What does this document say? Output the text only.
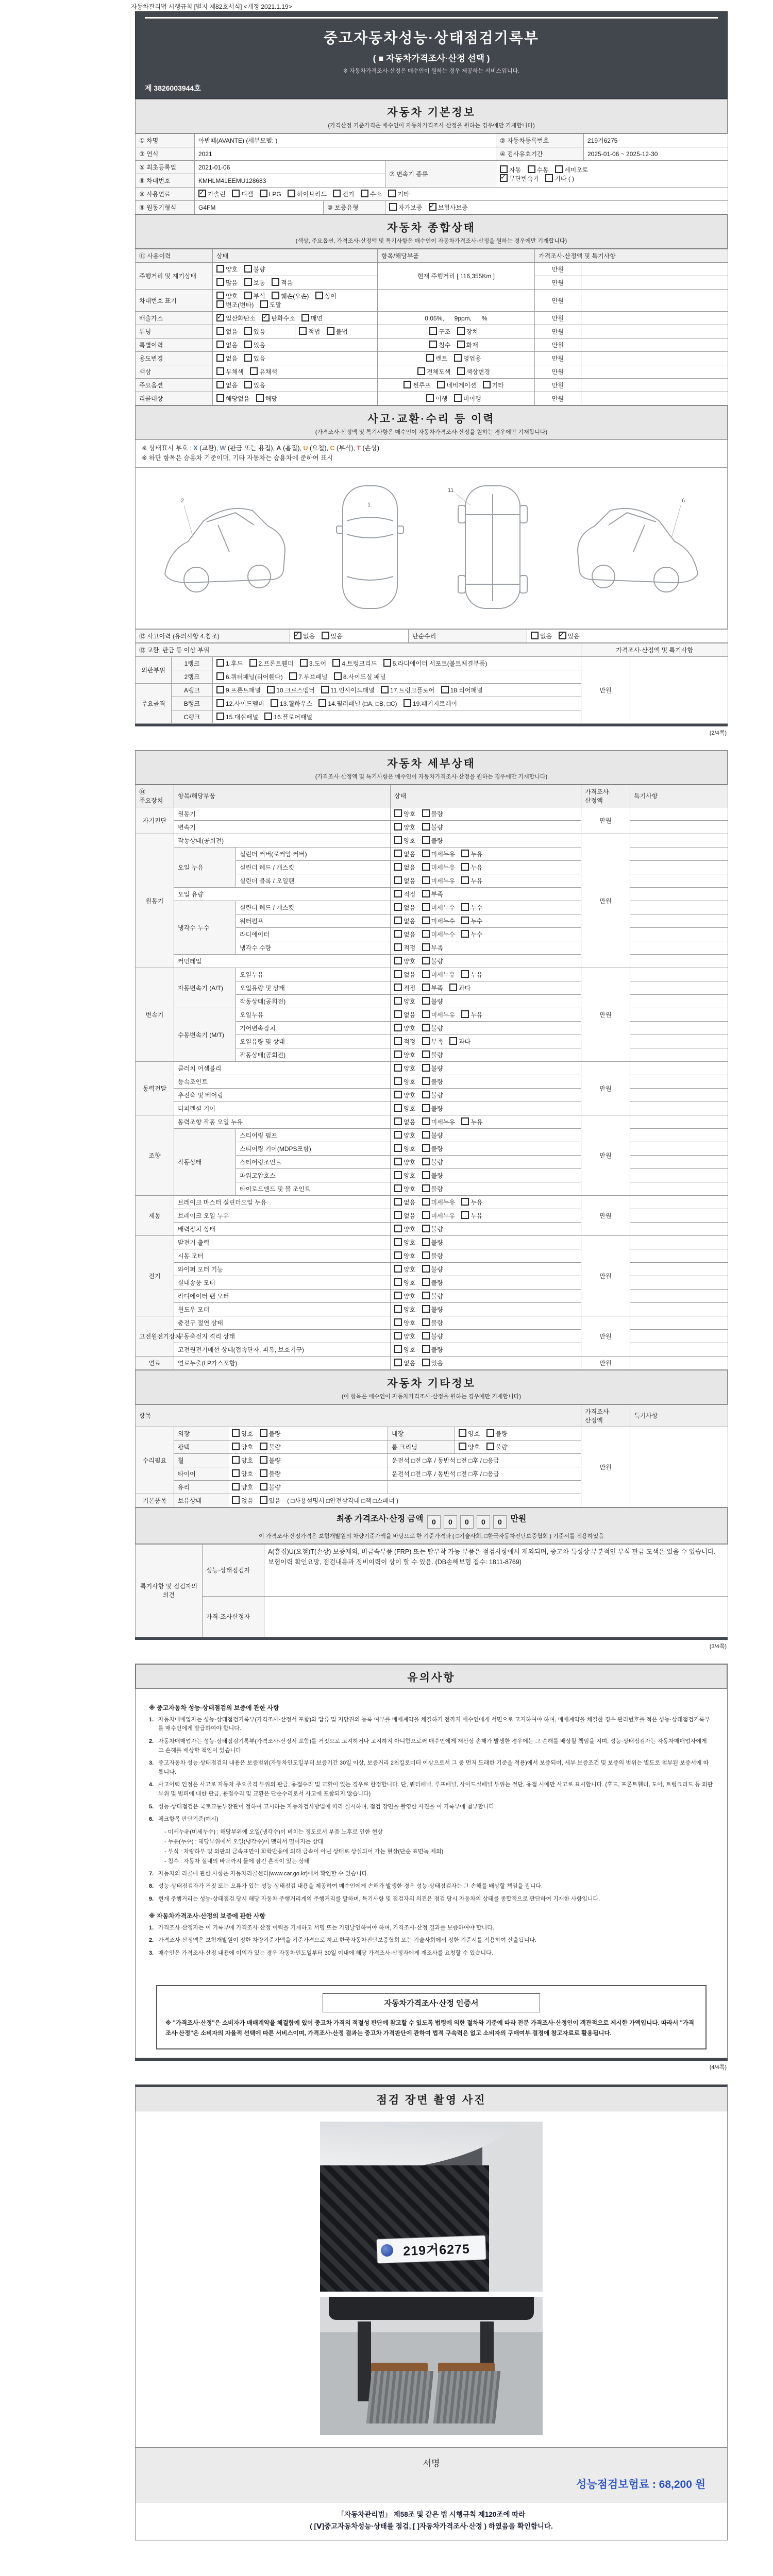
자동차관리법 시행규칙 [별지 제82호서식] <개정 2021.1.19>
중고자동차성능·상태점검기록부
( ■ 자동차가격조사·산정 선택 )
※ 자동차가격조사·산정은 매수인이 원하는 경우 제공하는 서비스입니다.
제 3826003944호
자동차 기본정보
(가격산정 기준가격은 매수인이 자동차가격조사·산정을 원하는 경우에만 기재합니다)
① 차명	아반떼(AVANTE) (세부모델: )			② 자동차등록번호	219거6275
③ 연식	2021			④ 검사유효기간	2025-01-06 ~ 2025-12-30
⑤ 최초등록일	2021-01-06		⑦ 변속기 종류	자동 수동 세미오토
✓무단변속기 기타 ( )
⑥ 차대번호	KMHLM41EEMU128683				
⑧ 사용연료	✓가솔린 디젤 LPG 하이브리드 전기 수소 기타
⑨ 원동기형식	G4FM	⑩ 보증유형	자가보증 ✓ 보험사보증
자동차 종합상태
(색상, 주요옵션, 가격조사·산정액 및 특기사항은 매수인이 자동차가격조사·산정을 원하는 경우에만 기재합니다)
⑪ 사용이력	상태		항목/해당부품	가격조사·산정액 및 특기사항	
주행거리 및 계기상태	양호 불량		현재 주행거리 [ 116,355Km ]	만원	
	많음 보통 적음			만원	
차대번호 표기	양호 부식 훼손(오손) 상이 변조(변타) 도말			만원	
배출가스	✓일산화탄소 ✓ 탄화수소 매연		0.05%,      9ppm,      %	만원	
튜닝	없음 있음	적법 불법	구조 장치	만원	
특별이력	없음 있음		침수 화재	만원	
용도변경	없음 있음		렌트 영업용	만원	
색상	무채색 유채색		전체도색 색상변경	만원	
주요옵션	없음 있음		썬루프 네비게이션 기타	만원	
리콜대상	해당없음 해당		이행 미이행	만원	
사고·교환·수리 등 이력
(가격조사·산정액 및 특기사항은 매수인이 자동차가격조사·산정을 원하는 경우에만 기재합니다)
※ 상태표시 부호 : X (교환), W (판금 또는 용접), A (흠집), U (요철), C (부식), T (손상)
※ 하단 항목은 승용차 기준이며, 기타 자동차는 승용차에 준하여 표시
2
1
11
6
⑫ 사고이력 (유의사항 4.참조)	✓없음	있음	단순수리	없음 ✓	있음
⑬ 교환, 판금 등 이상 부위			가격조사·산정액 및 특기사항	
외판부위	1랭크	1.후드 2.프론트휀더 3.도어 4.트렁크리드 5.라디에이터 서포트(볼트체결부품)	만원	
	2랭크	6.쿼터패널(리어휀다) 7.루브패널 8.사이드실 패널		
주요골격	A랭크	9.프론트패널 10.크로스멤버 11.인사이드패널 17.트렁크플로어 18.리어패널		
	B랭크	12.사이드멤버 13.휠하우스 14.필러패널 (□A, □B, □C) 19.패키지트레이		
	C랭크	15.대쉬패널 16.플로어패널		
(2/4쪽)
자동차 세부상태
(가격조사·산정액 및 특기사항은 매수인이 자동차가격조사·산정을 원하는 경우에만 기재합니다)
⑭ 주요장치	항목/해당부품		상태	가격조사·산정액	특기사항
자기진단	원동기		양호 불량	만원	
	변속기		양호 불량		
원동기	작동상태(공회전)		양호 불량	만원	
	오일 누유	실린더 커버(로커암 커버)	없음 미세누유 누유		
		실린더 헤드 / 개스킷	없음 미세누유 누유		
		실린더 블록 / 오일팬	없음 미세누유 누유		
	오일 유량		적정 부족		
	냉각수 누수	실린더 헤드 / 개스킷	없음 미세누수 누수		
		워터펌프	없음 미세누수 누수		
		라디에이터	없음 미세누수 누수		
		냉각수 수량	적정 부족		
	커먼레일		양호 불량		
변속기	자동변속기 (A/T)	오일누유	없음 미세누유 누유	만원	
		오일유량 및 상태	적정 부족 과다		
		작동상태(공회전)	양호 불량		
	수동변속기 (M/T)	오일누유	없음 미세누유 누유		
		기어변속장치	양호 불량		
		오일유량 및 상태	적정 부족 과다		
		작동상태(공회전)	양호 불량		
동력전달	클러치 어셈블리		양호 불량	만원	
	등속조인트		양호 불량		
	추진축 및 베어링		양호 불량		
	디퍼렌셜 기어		양호 불량		
조향	동력조향 작동 오일 누유		없음 미세누유 누유	만원	
	작동상태	스티어링 펌프	양호 불량		
		스티어링 기어(MDPS포함)	양호 불량		
		스티어링조인트	양호 불량		
		파워고압호스	양호 불량		
		타이로드엔드 및 볼 조인트	양호 불량		
제동	브레이크 마스터 실린더오일 누유		없음 미세누유 누유	만원	
	브레이크 오일 누유		없음 미세누유 누유		
	배력장치 상태		양호 불량		
전기	발전기 출력		양호 불량	만원	
	시동 모터		양호 불량		
	와이퍼 모터 기능		양호 불량		
	실내송풍 모터		양호 불량		
	라디에이터 팬 모터		양호 불량		
	윈도우 모터		양호 불량		
고전원전기장치	충전구 절연 상태		양호 불량	만원	
	구동축전지 격리 상태		양호 불량		
	고전원전기배선 상태(접속단자, 피복, 보호기구)		양호 불량		
연료	연료누출(LP가스포함)		없음 있음	만원	
자동차 기타정보
(이 항목은 매수인이 자동차가격조사·산정을 원하는 경우에만 기재합니다)
항목					가격조사·산정액	특기사항
수리필요	외장	양호 불량	내장	양호 불량	만원	
	광택	양호 불량	룸 크리닝	양호 불량		
	휠	양호 불량	운전석 □전 □후 / 동반석 □전 □후 / □응급			
	타이어	양호 불량	운전석 □전 □후 / 동반석 □전 □후 / □응급			
	유리	양호 불량				
기본품목	보유상태	없음 있음 ( □사용설명서 □안전삼각대 □잭 □스패너 )				
최종 가격조사·산정 금액 0 0 0 0 0 만원
이 가격조사·산정가격은 보험개발원의 차량기준가액을 바탕으로 한 기준가격과 ( □기술사회, □한국자동차진단보증협회 ) 기준서를 적용하였음
특기사항 및 점검자의 의견	성능·상태점검자	A(흠집)U(요철)T(손상) 보증제외, 비금속부품 (FRP) 또는 탈부착 가능 부품은 점검사항에서 제외되며, 중고차 특성상 부분적인 부식 판금 도색은 있을 수 있습니다. 보험이력 확인요망, 점검내용과 정비이력이 상이 할 수 있음. (DB손해보험 접수: 1811-8769)
	가격·조사산정자	
(3/4쪽)
유의사항
※ 중고자동차 성능·상태점검의 보증에 관한 사항
1. 자동차매매업자는 성능·상태점검기록부(가격조사·산정서 포함)와 압류 및 저당권의 등록 여부를 매매계약을 체결하기 전까지 매수인에게 서면으로 고지하여야 하며, 매매계약을 체결한 경우 관리번호를 적은 성능·상태점검기록부를 매수인에게 발급하여야 합니다.
2. 자동차매매업자는 성능·상태점검기록부(가격조사·산정서 포함)를 거짓으로 고지하거나 고지하지 아니함으로써 매수인에게 재산상 손해가 발생한 경우에는 그 손해를 배상할 책임을 지며, 성능·상태점검자는 자동차매매업자에게 그 손해를 배상할 책임이 있습니다.
3. 중고자동차 성능·상태점검의 내용은 보증범위(자동차인도일부터 보증기간 30일 이상, 보증거리 2천킬로미터 이상으로서 그 중 먼저 도래한 기준을 적용)에서 보증되며, 세부 보증조건 및 보증의 범위는 별도로 첨부된 보증서에 따릅니다.
4. 사고이력 인정은 사고로 자동차 주요골격 부위의 판금, 용접수리 및 교환이 있는 경우로 한정합니다. 단, 쿼터패널, 루프패널, 사이드실패널 부위는 절단, 용접 시에만 사고로 표시합니다. (후드, 프론트휀더, 도어, 트렁크리드 등 외판부위 및 범퍼에 대한 판금, 용접수리 및 교환은 단순수리로서 사고에 포함되지 않습니다)
5. 성능·상태점검은 국토교통부장관이 정하여 고시하는 자동차검사방법에 따라 실시하며, 점검 장면을 촬영한 사진을 이 기록부에 첨부합니다.
6. 체크항목 판단기준(예시)
- 미세누유(미세누수) : 해당부위에 오일(냉각수)이 비치는 정도로서 부품 노후로 인한 현상
- 누유(누수) : 해당부위에서 오일(냉각수)이 맺혀서 떨어지는 상태
- 부식 : 차량하부 및 외판의 금속표면이 화학반응에 의해 금속이 아닌 상태로 상실되어 가는 현상(단순 표면녹 제외)
- 침수 : 자동차 실내의 바닥까지 물에 잠긴 흔적이 있는 상태
7. 자동차의 리콜에 관한 사항은 자동차리콜센터(www.car.go.kr)에서 확인할 수 있습니다.
8. 성능·상태점검자가 거짓 또는 오류가 있는 성능·상태점검 내용을 제공하여 매수인에게 손해가 발생한 경우 성능·상태점검자는 그 손해를 배상할 책임을 집니다.
9. 현재 주행거리는 성능·상태점검 당시 해당 자동차 주행거리계의 주행거리를 말하며, 특기사항 및 점검자의 의견은 점검 당시 자동차의 상태를 종합적으로 판단하여 기재한 사항입니다.
※ 자동차가격조사·산정의 보증에 관한 사항
1. 가격조사·산정자는 이 기록부에 가격조사·산정 이력을 기재하고 서명 또는 기명날인하여야 하며, 가격조사·산정 결과를 보증하여야 합니다.
2. 가격조사·산정액은 보험개발원이 정한 차량기준가액을 기준가격으로 하고 한국자동차진단보증협회 또는 기술사회에서 정한 기준서를 적용하여 산출됩니다.
3. 매수인은 가격조사·산정 내용에 이의가 있는 경우 자동차인도일부터 30일 이내에 해당 가격조사·산정자에게 재조사를 요청할 수 있습니다.
자동차가격조사·산정 인증서
※ "가격조사·산정"은 소비자가 매매계약을 체결함에 있어 중고차 가격의 적절성 판단에 참고할 수 있도록 법령에 의한 절차와 기준에 따라 전문 가격조사·산정인이 객관적으로 제시한 가액입니다. 따라서 "가격조사·산정"은 소비자의 자율적 선택에 따른 서비스이며, 가격조사·산정 결과는 중고차 가격판단에 관하여 법적 구속력은 없고 소비자의 구매여부 결정에 참고자료로 활용됩니다.
(4/4쪽)
점검 장면 촬영 사진
219거6275
서명
성능점검보험료 : 68,200 원
「자동차관리법」 제58조 및 같은 법 시행규칙 제120조에 따라
( [Ⅴ]중고자동차성능·상태를 점검, [ ]자동차가격조사·산정 ) 하였음을 확인합니다.
